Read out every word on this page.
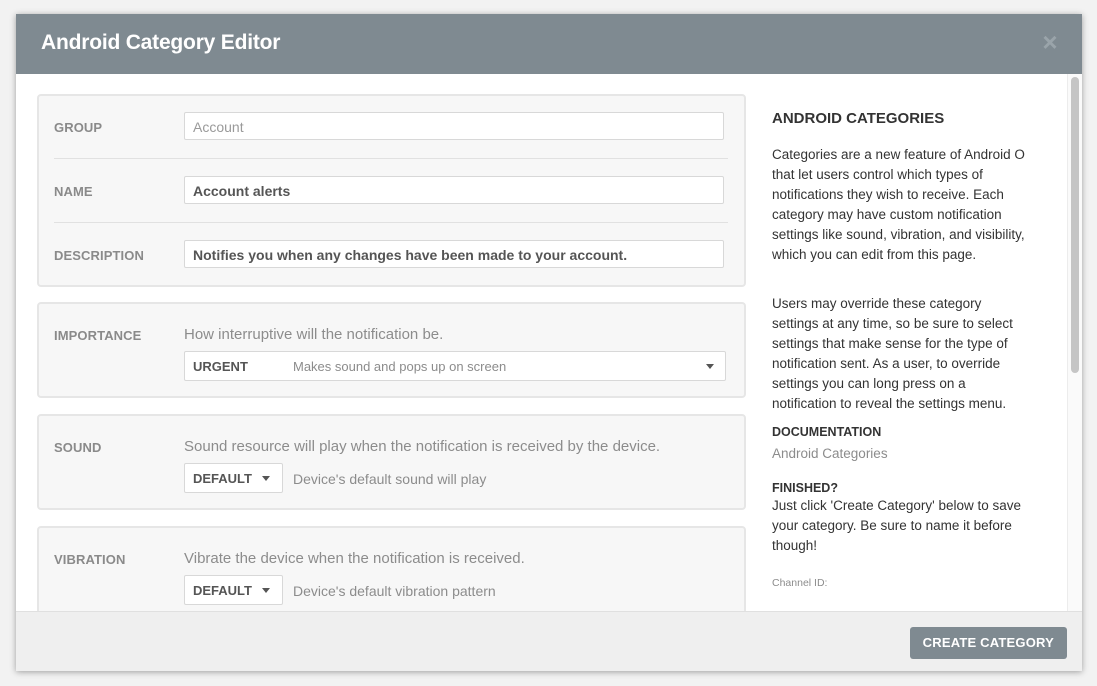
Android Category Editor	×
GROUP	Account
NAME	Account alerts
DESCRIPTION	Notifies you when any changes have been made to your account.
IMPORTANCE	How interruptive will the notification be.
URGENT	Makes sound and pops up on screen
SOUND	Sound resource will play when the notification is received by the device.
DEFAULT	Device's default sound will play
VIBRATION	Vibrate the device when the notification is received.
DEFAULT	Device's default vibration pattern
ANDROID CATEGORIES
Categories are a new feature of Android O that let users control which types of notifications they wish to receive. Each category may have custom notification settings like sound, vibration, and visibility, which you can edit from this page.
Users may override these category settings at any time, so be sure to select settings that make sense for the type of notification sent. As a user, to override settings you can long press on a notification to reveal the settings menu.
DOCUMENTATION
Android Categories
FINISHED?
Just click 'Create Category' below to save your category. Be sure to name it before though!
Channel ID:
CREATE CATEGORY
